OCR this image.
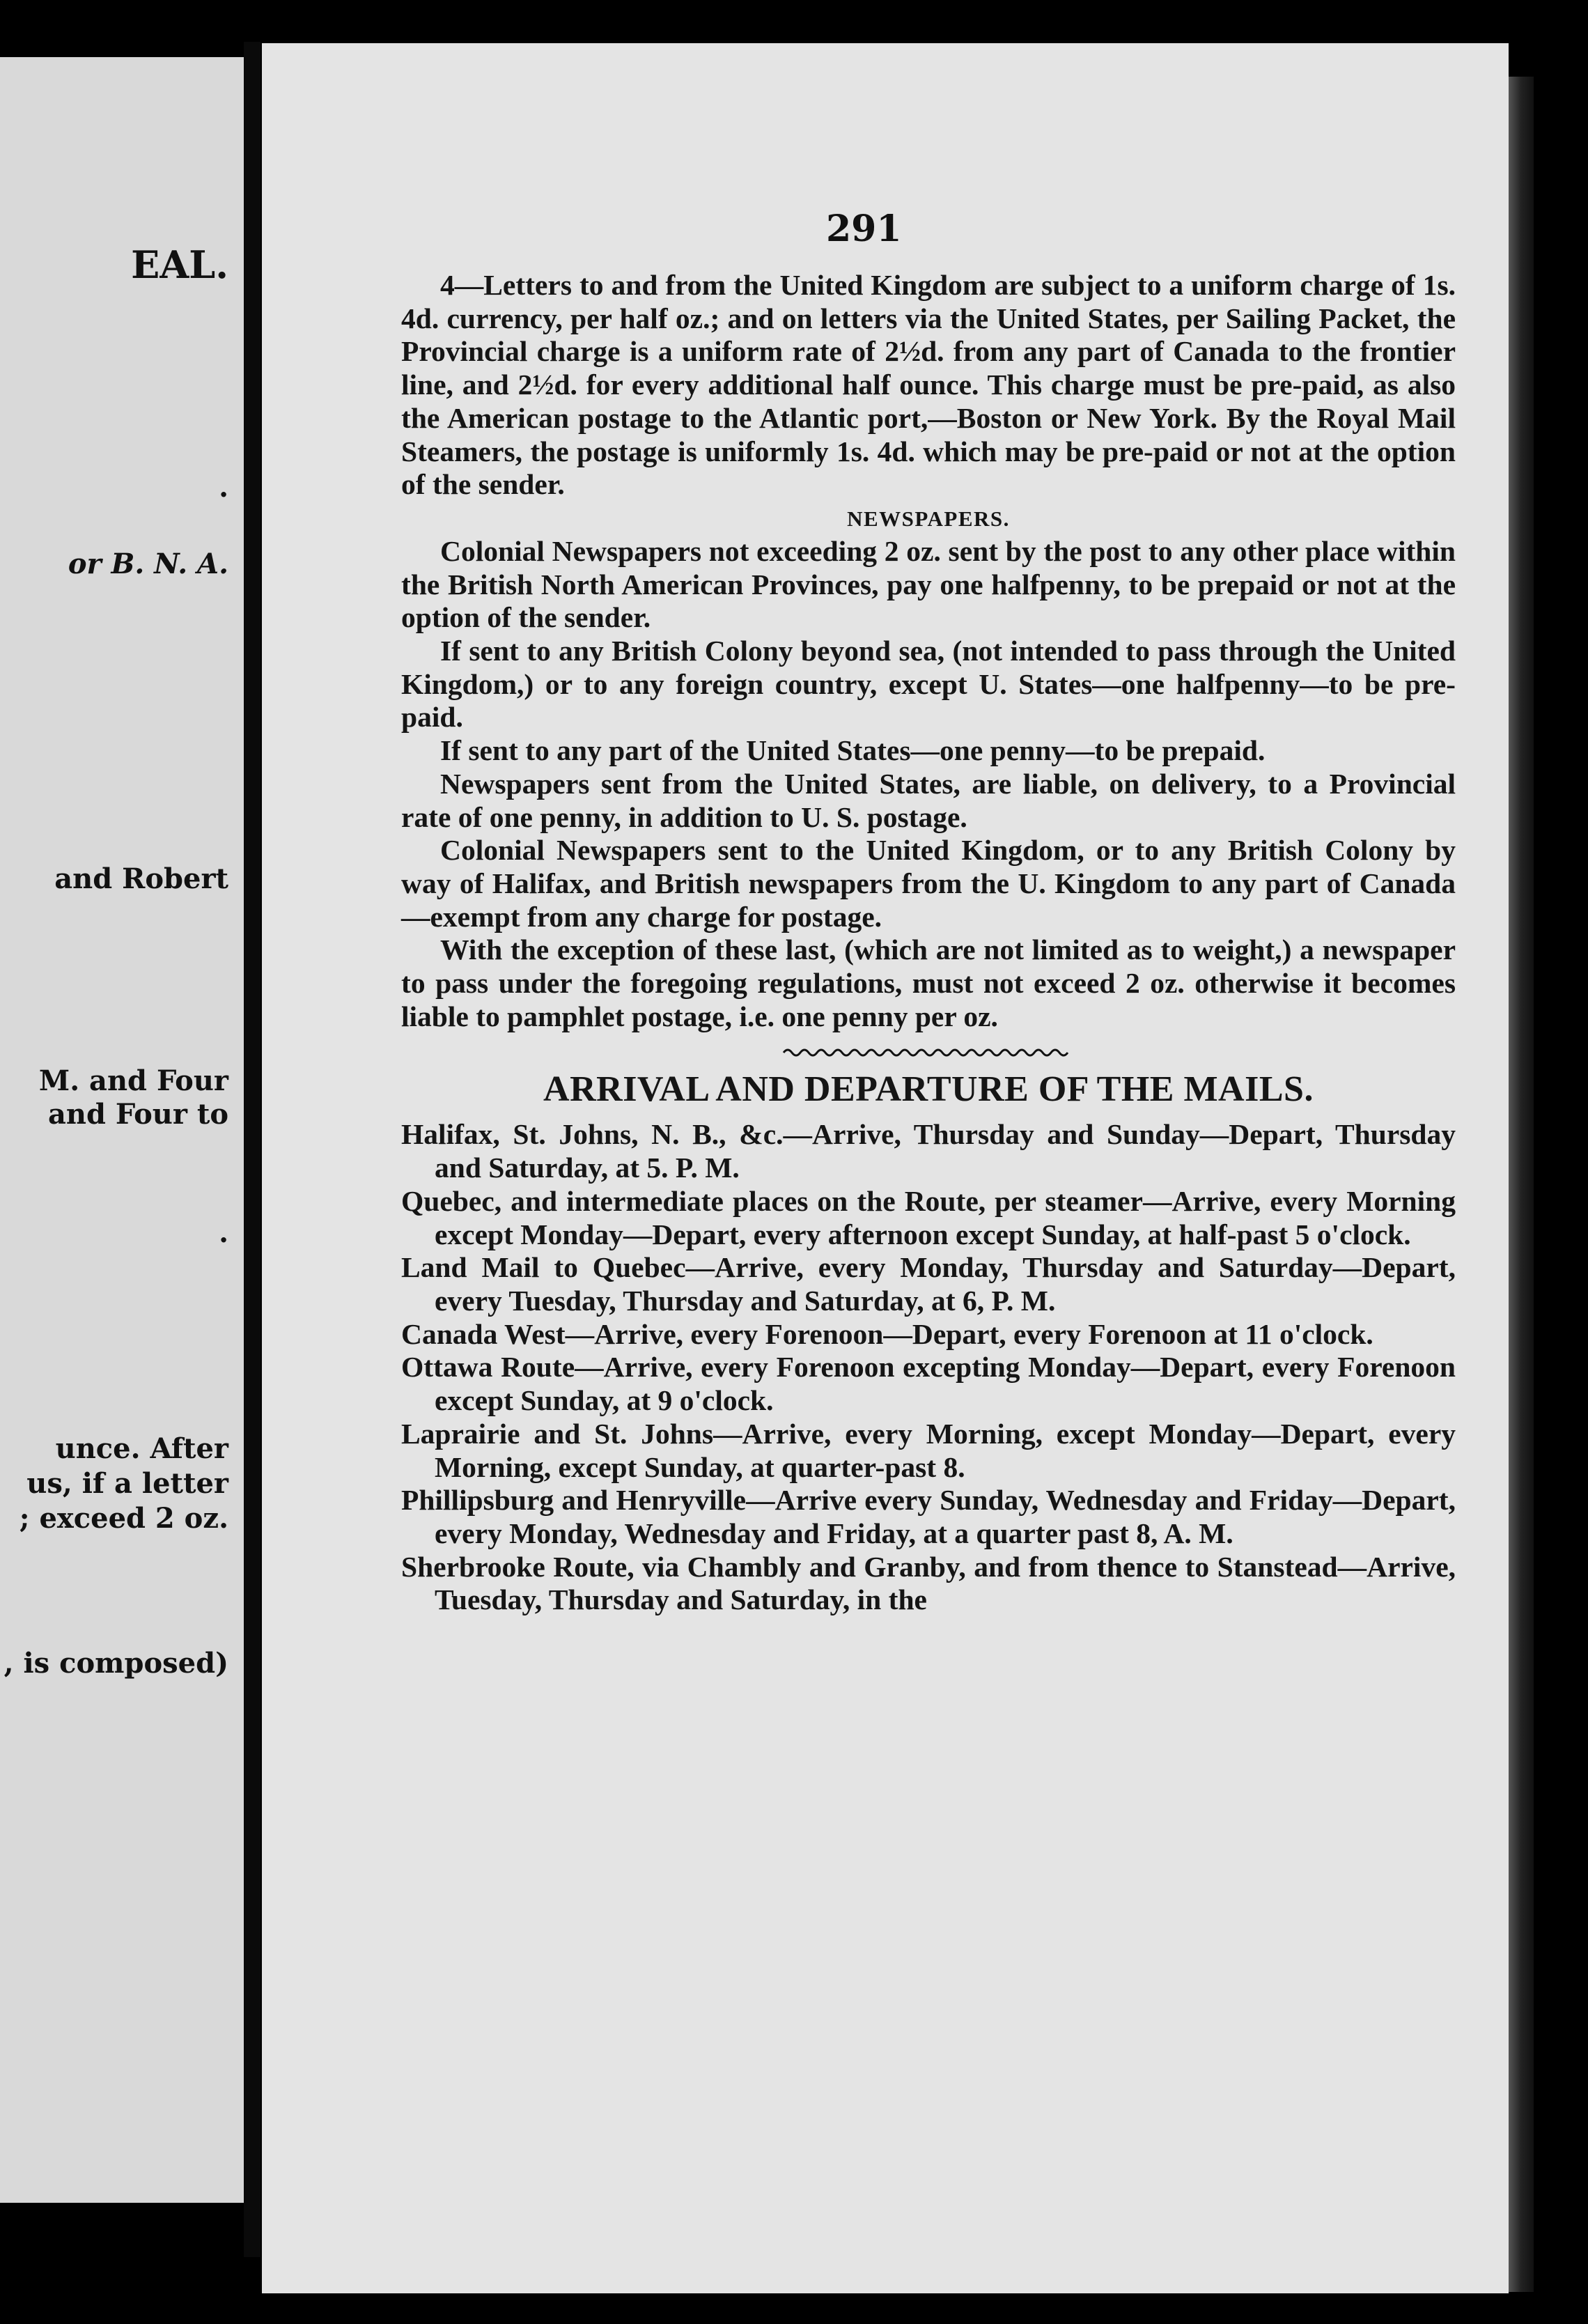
EAL.
.
or B. N. A.
and Robert
M. and Four
and Four to
.
unce. After
us, if a letter
; exceed 2 oz.
, is composed)
291

4—Letters to and from the United Kingdom are subject to a uniform charge of 1s. 4d. currency, per half oz.; and on letters via the United States, per Sailing Packet, the Provincial charge is a uniform rate of 2½d. from any part of Canada to the frontier line, and 2½d. for every additional half ounce. This charge must be pre-paid, as also the American postage to the Atlantic port,—Boston or New York. By the Royal Mail Steamers, the postage is uniformly 1s. 4d. which may be pre-paid or not at the option of the sender.

NEWSPAPERS.

Colonial Newspapers not exceeding 2 oz. sent by the post to any other place within the British North American Provinces, pay one halfpenny, to be prepaid or not at the option of the sender.

If sent to any British Colony beyond sea, (not intended to pass through the United Kingdom,) or to any foreign country, except U. States—one halfpenny—to be pre-paid.

If sent to any part of the United States—one penny—to be prepaid.

Newspapers sent from the United States, are liable, on delivery, to a Provincial rate of one penny, in addition to U. S. postage.

Colonial Newspapers sent to the United Kingdom, or to any British Colony by way of Halifax, and British newspapers from the U. Kingdom to any part of Canada—exempt from any charge for postage.

With the exception of these last, (which are not limited as to weight,) a newspaper to pass under the foregoing regulations, must not exceed 2 oz. otherwise it becomes liable to pamphlet postage, i.e. one penny per oz.

ARRIVAL AND DEPARTURE OF THE MAILS.

Halifax, St. Johns, N. B., &c.—Arrive, Thursday and Sunday—Depart, Thursday and Saturday, at 5. P. M.

Quebec, and intermediate places on the Route, per steamer—Arrive, every Morning except Monday—Depart, every afternoon except Sunday, at half-past 5 o'clock.

Land Mail to Quebec—Arrive, every Monday, Thursday and Saturday—Depart, every Tuesday, Thursday and Saturday, at 6, P. M.

Canada West—Arrive, every Forenoon—Depart, every Forenoon at 11 o'clock.

Ottawa Route—Arrive, every Forenoon excepting Monday—Depart, every Forenoon except Sunday, at 9 o'clock.

Laprairie and St. Johns—Arrive, every Morning, except Monday—Depart, every Morning, except Sunday, at quarter-past 8.

Phillipsburg and Henryville—Arrive every Sunday, Wednesday and Friday—Depart, every Monday, Wednesday and Friday, at a quarter past 8, A. M.

Sherbrooke Route, via Chambly and Granby, and from thence to Stanstead—Arrive, Tuesday, Thursday and Saturday, in the
